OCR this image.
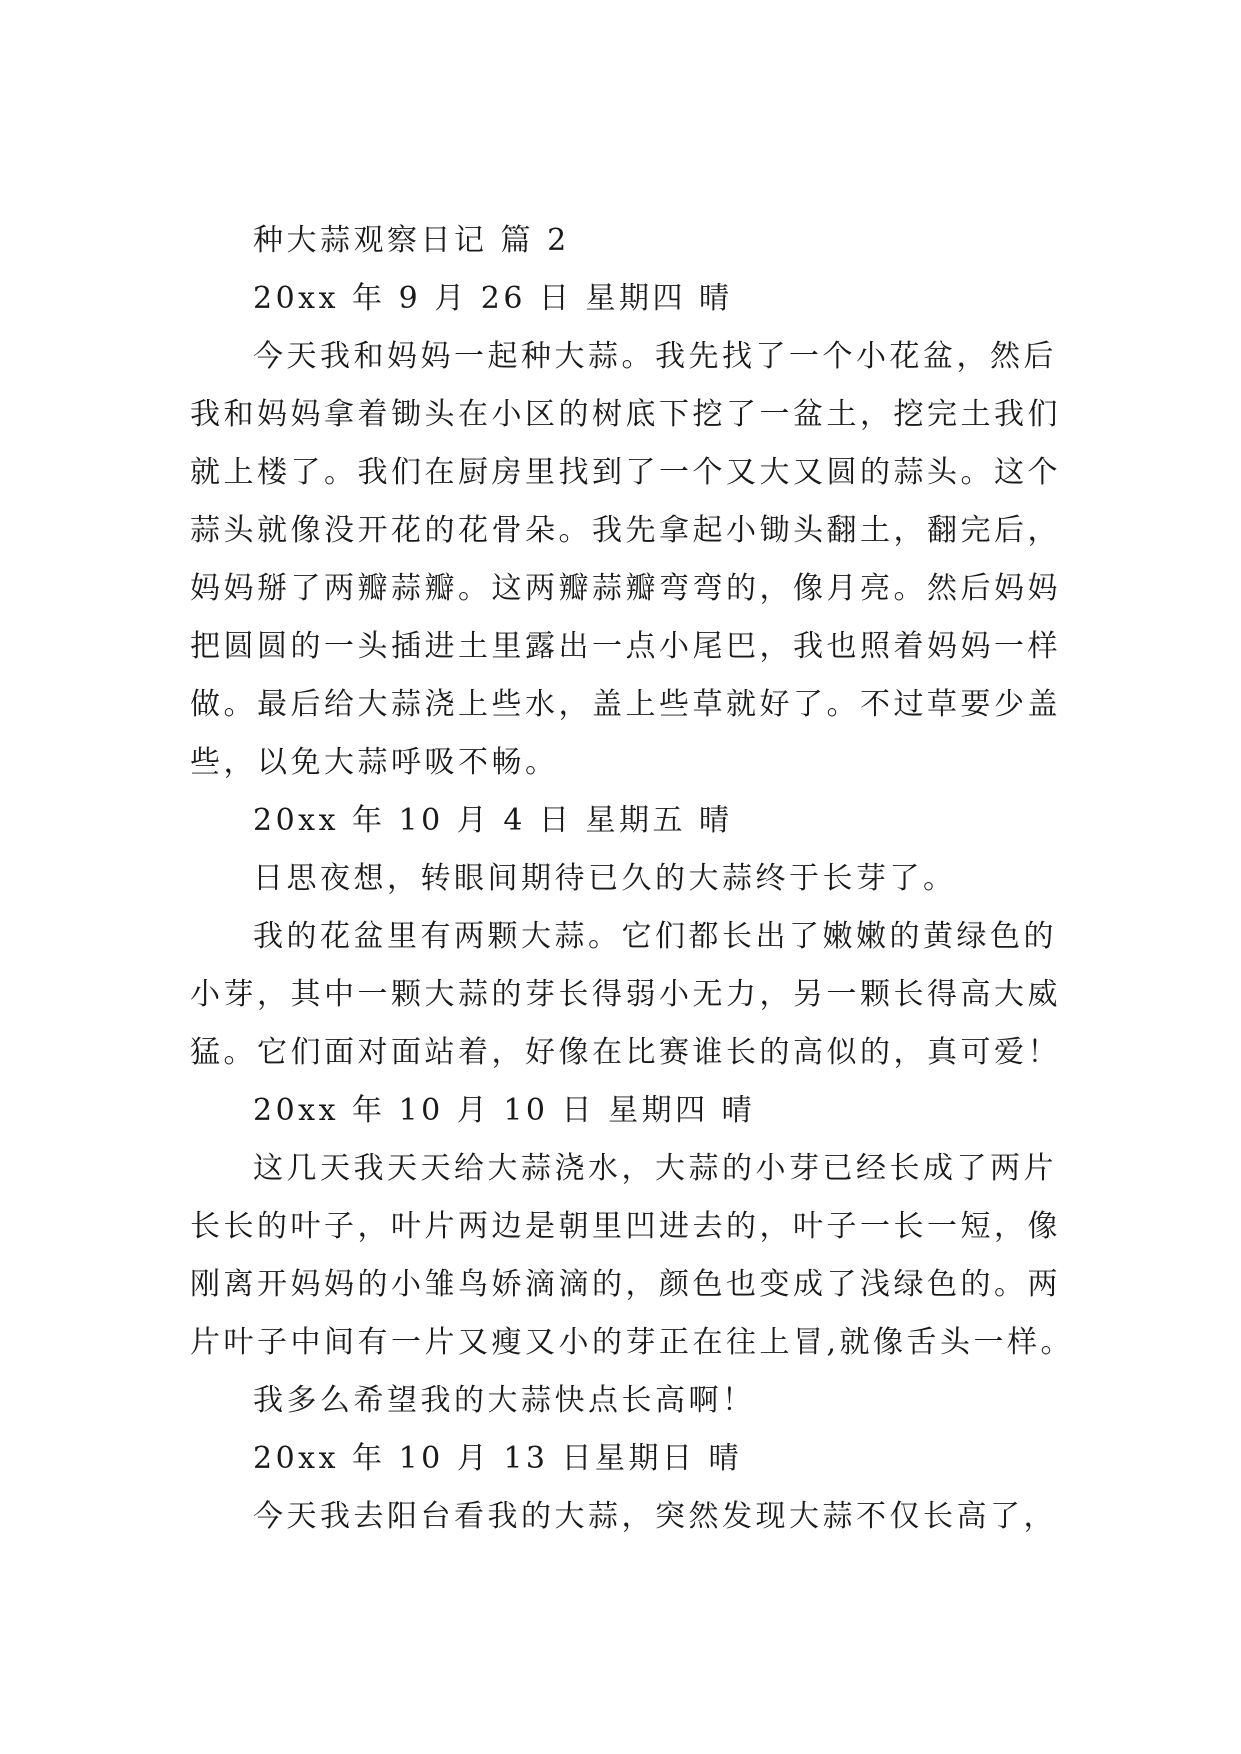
种大蒜观察日记 篇 2

20xx 年 9 月 26 日 星期四 晴

今天我和妈妈一起种大蒜。我先找了一个小花盆，然后

我和妈妈拿着锄头在小区的树底下挖了一盆土，挖完土我们

就上楼了。我们在厨房里找到了一个又大又圆的蒜头。这个

蒜头就像没开花的花骨朵。我先拿起小锄头翻土，翻完后，

妈妈掰了两瓣蒜瓣。这两瓣蒜瓣弯弯的，像月亮。然后妈妈

把圆圆的一头插进土里露出一点小尾巴，我也照着妈妈一样

做。最后给大蒜浇上些水，盖上些草就好了。不过草要少盖

些，以免大蒜呼吸不畅。

20xx 年 10 月 4 日 星期五 晴

日思夜想，转眼间期待已久的大蒜终于长芽了。

我的花盆里有两颗大蒜。它们都长出了嫩嫩的黄绿色的

小芽，其中一颗大蒜的芽长得弱小无力，另一颗长得高大威

猛。它们面对面站着，好像在比赛谁长的高似的，真可爱！

20xx 年 10 月 10 日 星期四 晴

这几天我天天给大蒜浇水，大蒜的小芽已经长成了两片

长长的叶子，叶片两边是朝里凹进去的，叶子一长一短，像

刚离开妈妈的小雏鸟娇滴滴的，颜色也变成了浅绿色的。两

片叶子中间有一片又瘦又小的芽正在往上冒,就像舌头一样。

我多么希望我的大蒜快点长高啊！

20xx 年 10 月 13 日星期日 晴

今天我去阳台看我的大蒜，突然发现大蒜不仅长高了，
